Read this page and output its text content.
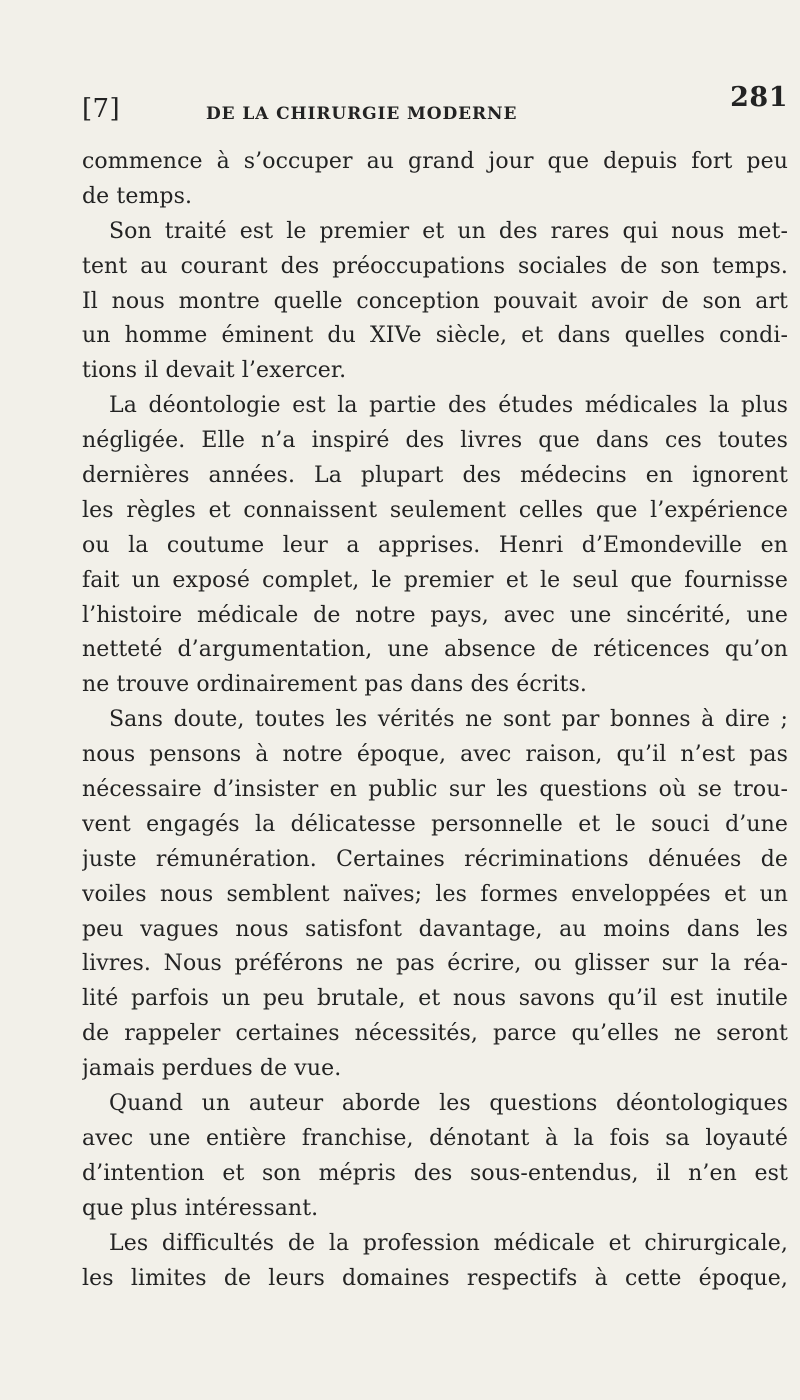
[7]	DE LA CHIRURGIE MODERNE
281
commence à s’occuper au grand jour que depuis fort peu
de temps.
Son traité est le premier et un des rares qui nous met-
tent au courant des préoccupations sociales de son temps.
Il nous montre quelle conception pouvait avoir de son art
un homme éminent du XIVe siècle, et dans quelles condi-
tions il devait l’exercer.
La déontologie est la partie des études médicales la plus
négligée. Elle n’a inspiré des livres que dans ces toutes
dernières années. La plupart des médecins en ignorent
les règles et connaissent seulement celles que l’expérience
ou la coutume leur a apprises. Henri d’Emondeville en
fait un exposé complet, le premier et le seul que fournisse
l’histoire médicale de notre pays, avec une sincérité, une
netteté d’argumentation, une absence de réticences qu’on
ne trouve ordinairement pas dans des écrits.
Sans doute, toutes les vérités ne sont par bonnes à dire ;
nous pensons à notre époque, avec raison, qu’il n’est pas
nécessaire d’insister en public sur les questions où se trou-
vent engagés la délicatesse personnelle et le souci d’une
juste rémunération. Certaines récriminations dénuées de
voiles nous semblent naïves; les formes enveloppées et un
peu vagues nous satisfont davantage, au moins dans les
livres. Nous préférons ne pas écrire, ou glisser sur la réa-
lité parfois un peu brutale, et nous savons qu’il est inutile
de rappeler certaines nécessités, parce qu’elles ne seront
jamais perdues de vue.
Quand un auteur aborde les questions déontologiques
avec une entière franchise, dénotant à la fois sa loyauté
d’intention et son mépris des sous-entendus, il n’en est
que plus intéressant.
Les difficultés de la profession médicale et chirurgicale,
les limites de leurs domaines respectifs à cette époque,
